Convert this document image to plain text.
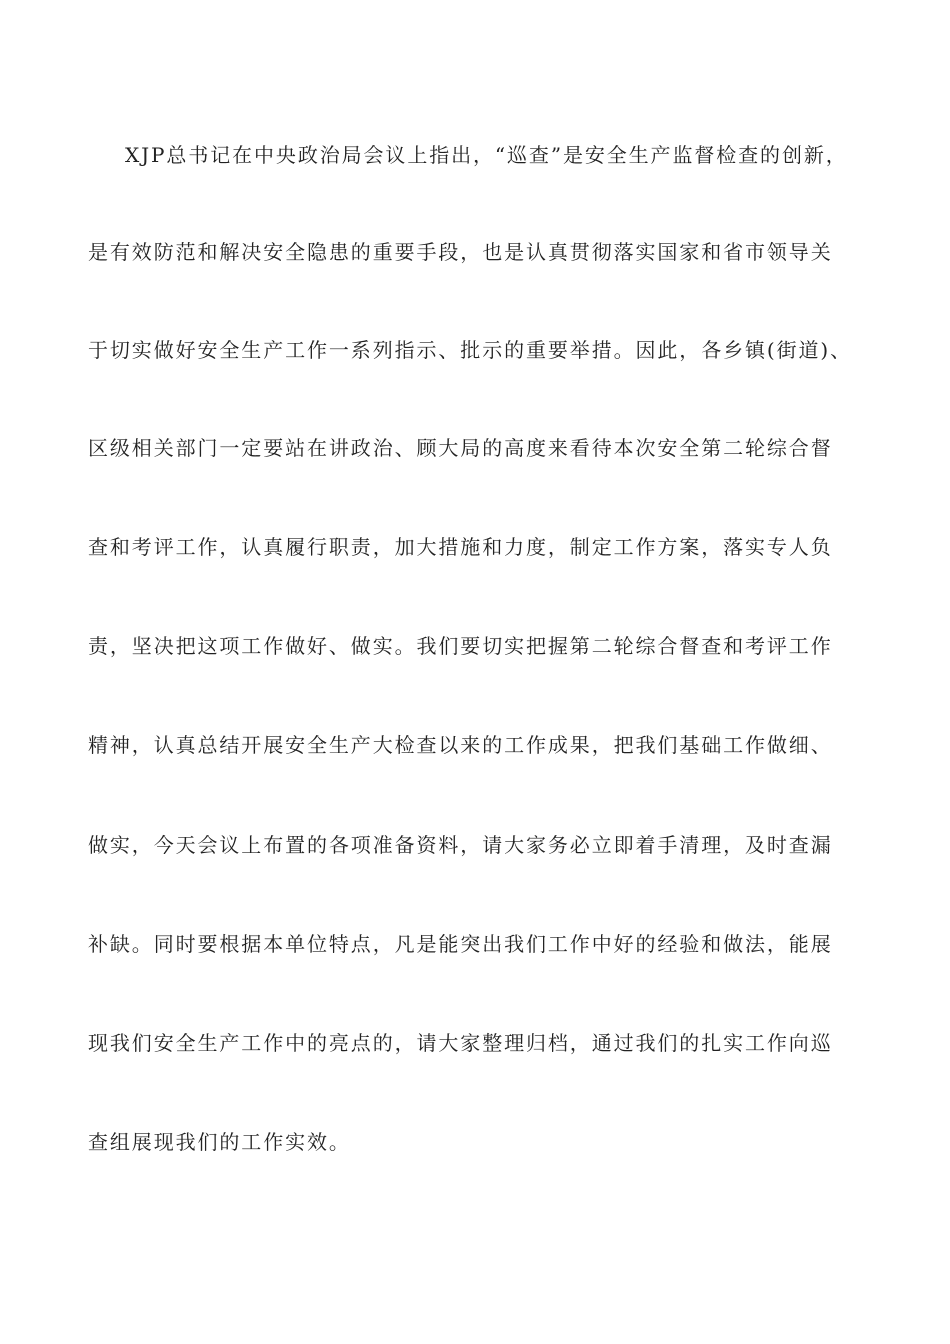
XJP总书记在中央政治局会议上指出，“巡查”是安全生产监督检查的创新，
是有效防范和解决安全隐患的重要手段，也是认真贯彻落实国家和省市领导关
于切实做好安全生产工作一系列指示、批示的重要举措。因此，各乡镇(街道)、
区级相关部门一定要站在讲政治、顾大局的高度来看待本次安全第二轮综合督
查和考评工作，认真履行职责，加大措施和力度，制定工作方案，落实专人负
责，坚决把这项工作做好、做实。我们要切实把握第二轮综合督查和考评工作
精神，认真总结开展安全生产大检查以来的工作成果，把我们基础工作做细、
做实，今天会议上布置的各项准备资料，请大家务必立即着手清理，及时查漏
补缺。同时要根据本单位特点，凡是能突出我们工作中好的经验和做法，能展
现我们安全生产工作中的亮点的，请大家整理归档，通过我们的扎实工作向巡
查组展现我们的工作实效。
